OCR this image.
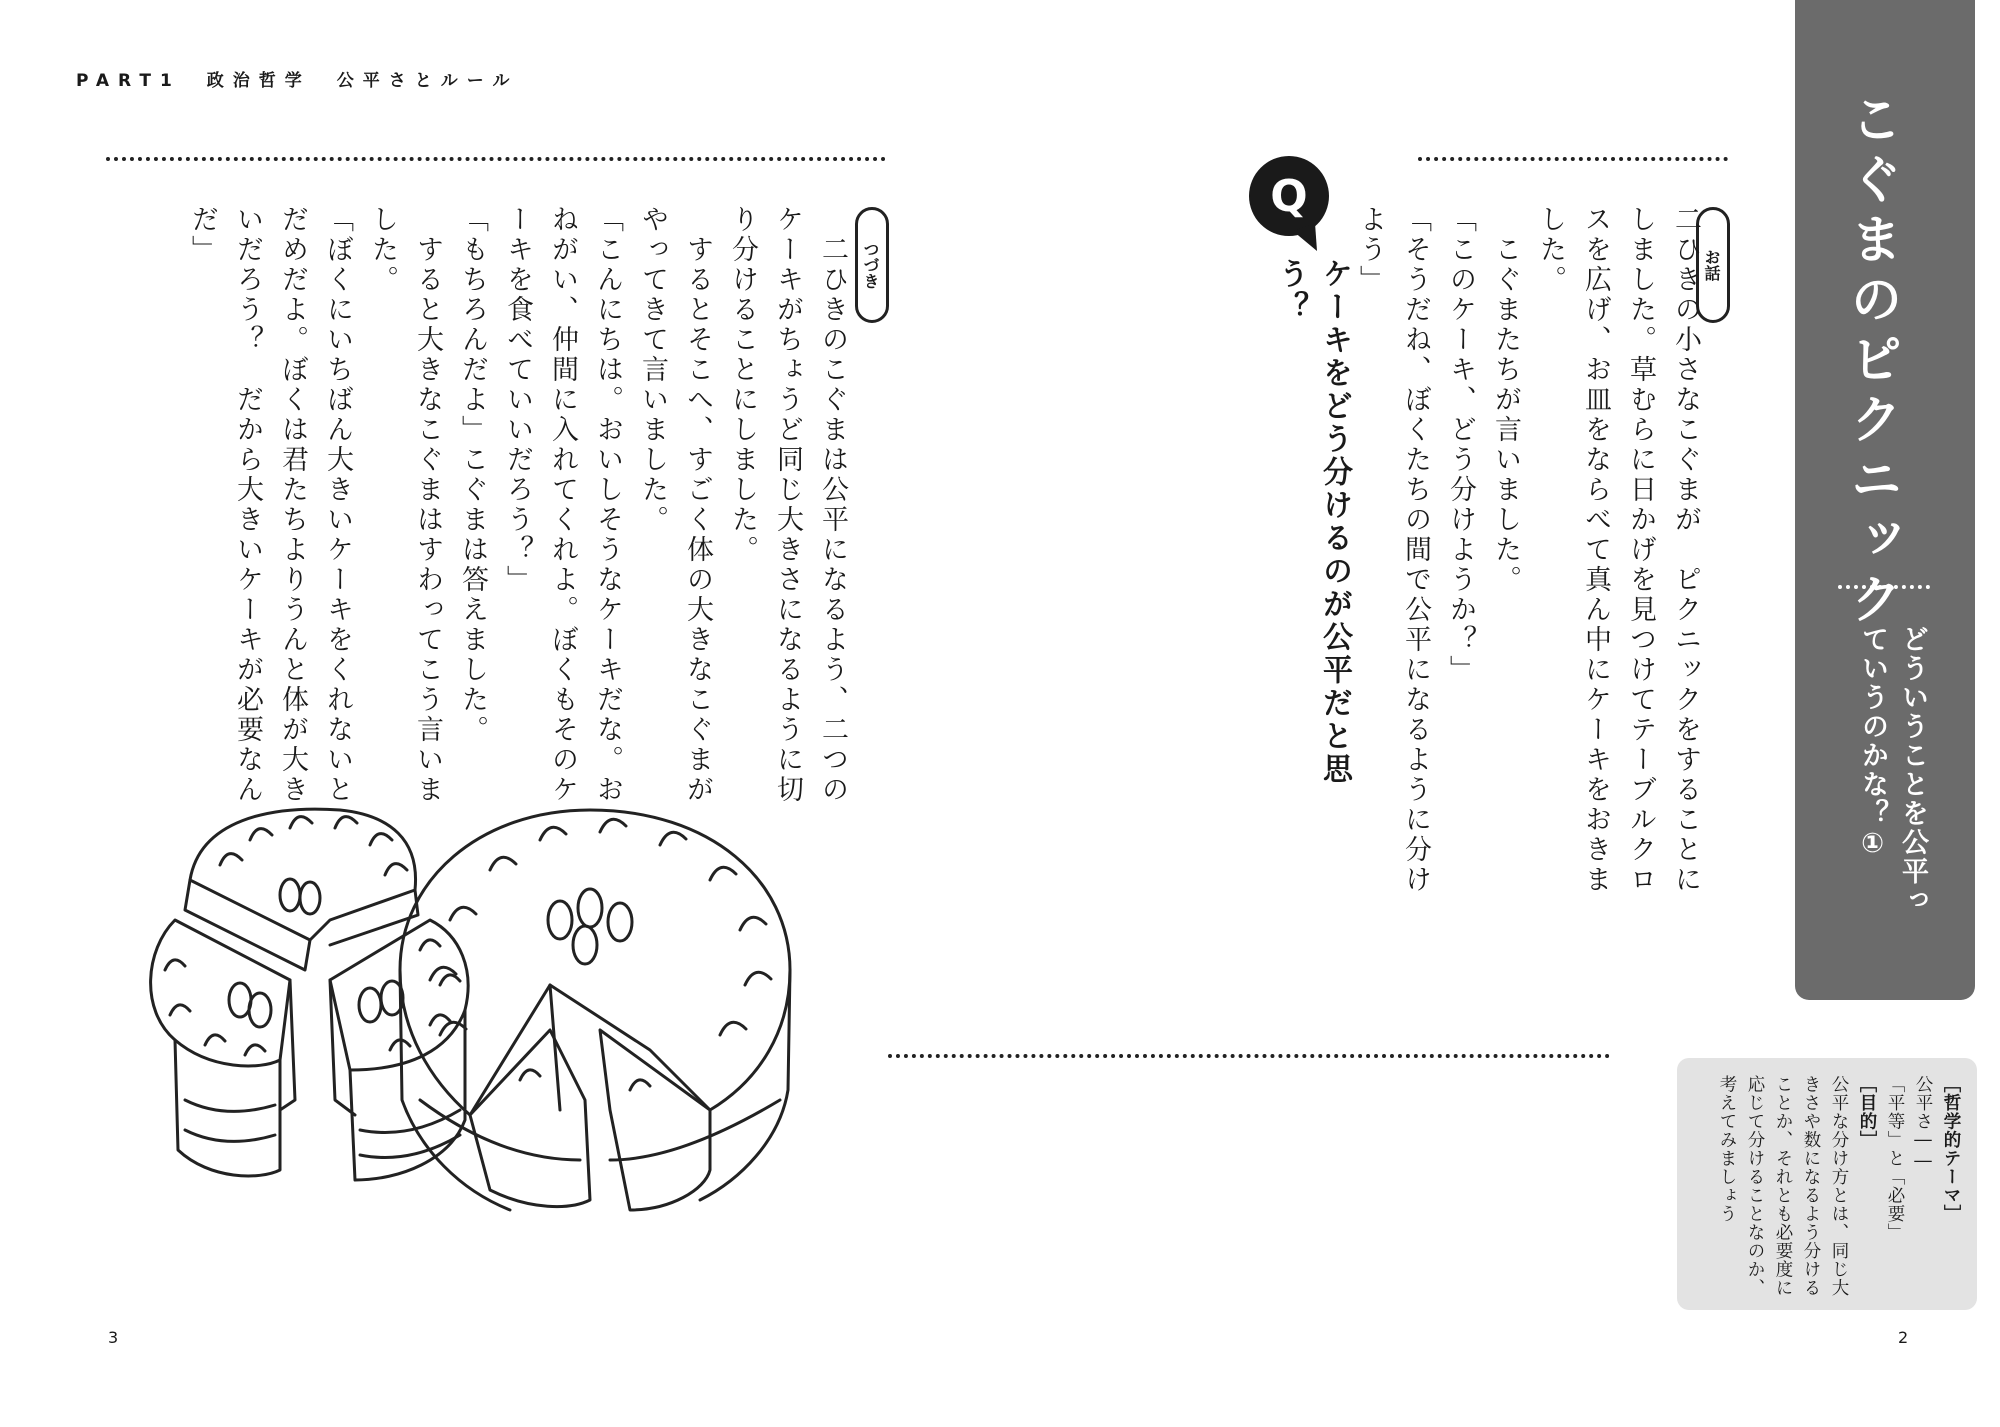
PART1　政治哲学　公平さとルール
こぐまのピクニック
どういうことを公平っていうのかな？①
お話
二ひきの小さなこぐまが　ピクニックをすることにしました。草むらに日かげを見つけてテーブルクロスを広げ、お皿をならべて真ん中にケーキをおきました。
　こぐまたちが言いました。
「このケーキ、どう分けようか？」
「そうだね、ぼくたちの間で公平になるように分けよう」
Q
ケーキをどう分けるのが公平だと思う？
つづき
　二ひきのこぐまは公平になるよう、二つのケーキがちょうど同じ大きさになるように切り分けることにしました。
　するとそこへ、すごく体の大きなこぐまがやってきて言いました。
「こんにちは。おいしそうなケーキだな。おねがい、仲間に入れてくれよ。ぼくもそのケーキを食べていいだろう？」
「もちろんだよ」こぐまは答えました。
　すると大きなこぐまはすわってこう言いました。
「ぼくにいちばん大きいケーキをくれないとだめだよ。ぼくは君たちよりうんと体が大きいだろう？　だから大きいケーキが必要なんだ」
［哲学的テーマ］
公平さ――
「平等」と「必要」
［目的］
公平な分け方とは、同じ大きさや数になるよう分けることか、それとも必要度に応じて分けることなのか、考えてみましょう
3	2
